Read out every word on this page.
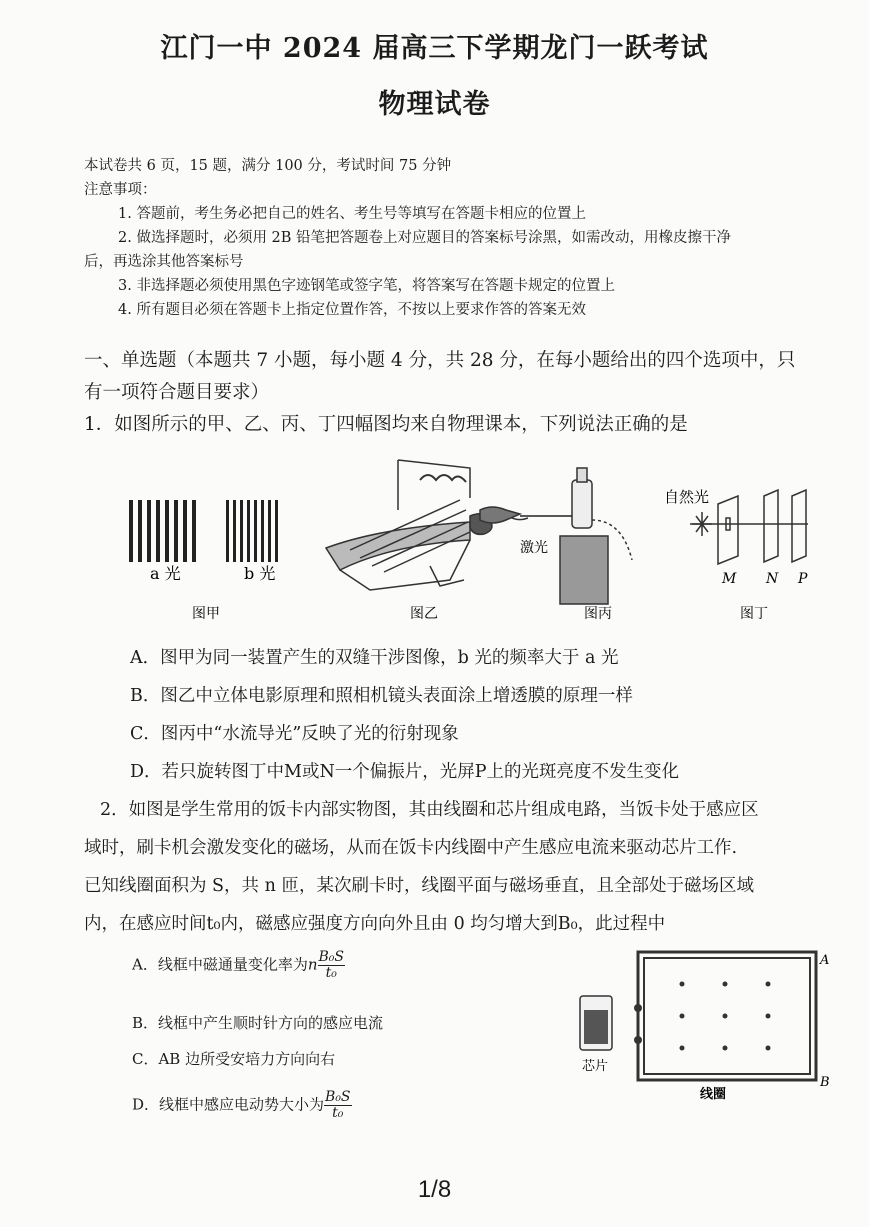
江门一中 2024 届高三下学期龙门一跃考试
物理试卷
本试卷共 6 页，15 题，满分 100 分，考试时间 75 分钟
注意事项：
1. 答题前，考生务必把自己的姓名、考生号等填写在答题卡相应的位置上
2. 做选择题时，必须用 2B 铅笔把答题卷上对应题目的答案标号涂黑，如需改动，用橡皮擦干净
后，再选涂其他答案标号
3. 非选择题必须使用黑色字迹钢笔或签字笔，将答案写在答题卡规定的位置上
4. 所有题目必须在答题卡上指定位置作答，不按以上要求作答的答案无效
一、单选题（本题共 7 小题，每小题 4 分，共 28 分，在每小题给出的四个选项中，只
有一项符合题目要求）
1．如图所示的甲、乙、丙、丁四幅图均来自物理课本，下列说法正确的是
a 光	b 光
图甲	图乙
激光
图丙
自然光
M N P
图丁
A．图甲为同一装置产生的双缝干涉图像，b 光的频率大于 a 光
B．图乙中立体电影原理和照相机镜头表面涂上增透膜的原理一样
C．图丙中“水流导光”反映了光的衍射现象
D．若只旋转图丁中M或N一个偏振片，光屏P上的光斑亮度不发生变化
2．如图是学生常用的饭卡内部实物图，其由线圈和芯片组成电路，当饭卡处于感应区
域时，刷卡机会激发变化的磁场，从而在饭卡内线圈中产生感应电流来驱动芯片工作.
已知线圈面积为 S，共 n 匝，某次刷卡时，线圈平面与磁场垂直，且全部处于磁场区域
内，在感应时间t₀内，磁感应强度方向向外且由 0 均匀增大到B₀，此过程中
A．线框中磁通量变化率为n $\frac{\text{B₀S}}{\text{t₀}}$
B．线框中产生顺时针方向的感应电流
C．AB 边所受安培力方向向右
D．线框中感应电动势大小为 $\frac{\text{B₀S}}{\text{t₀}}$
A
B
芯片
线圈
1/8
